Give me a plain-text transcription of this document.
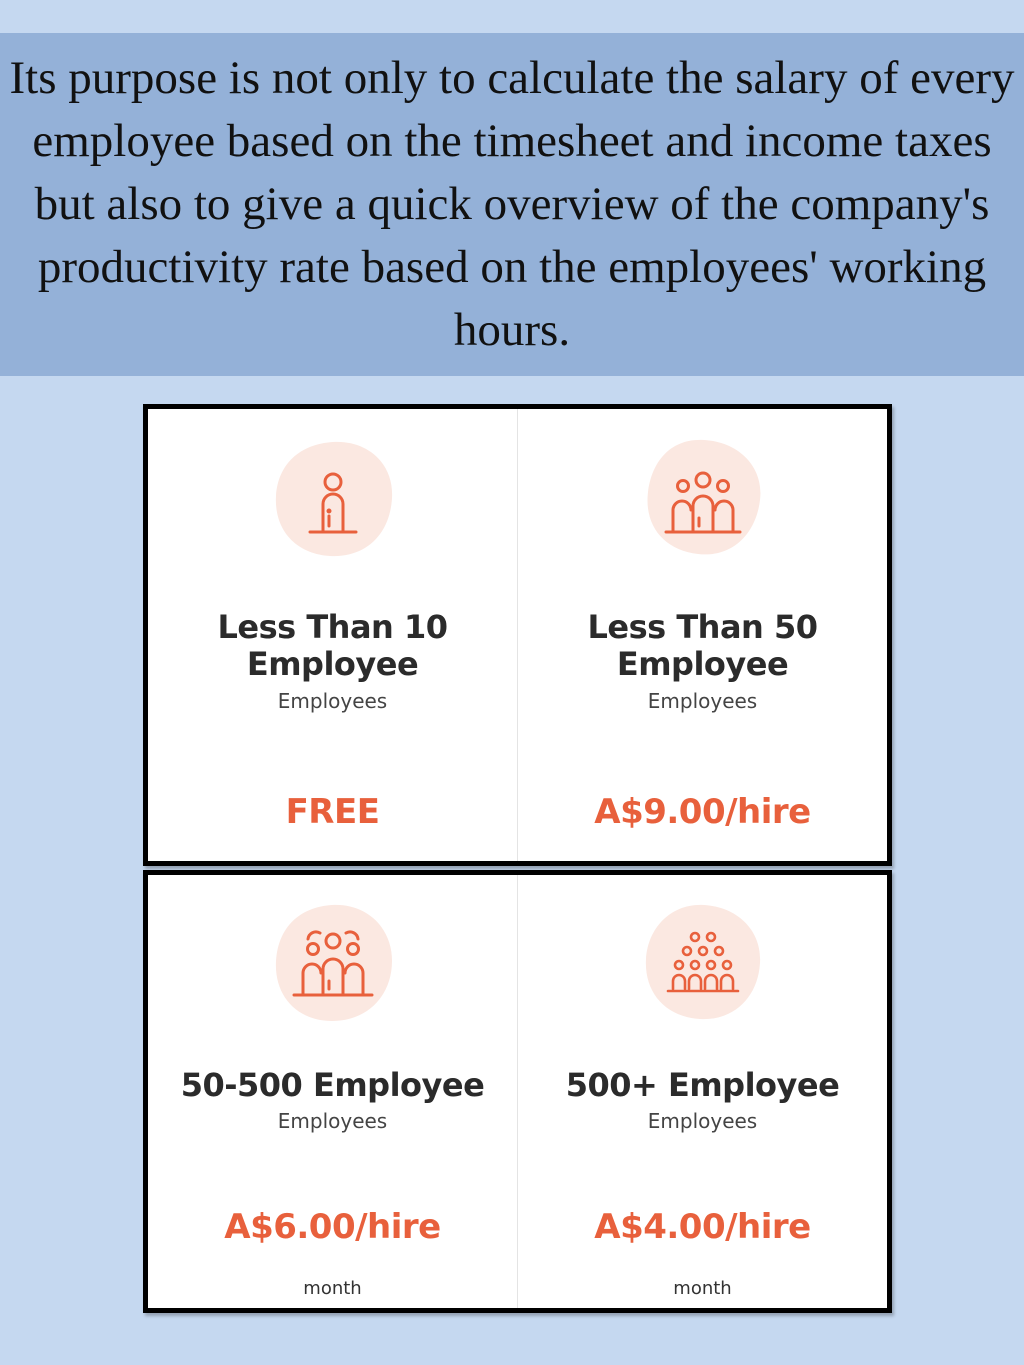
Its purpose is not only to calculate the salary of every employee based on the timesheet and income taxes but also to give a quick overview of the company's productivity rate based on the employees' working hours.

Less Than 10 Employee
Employees
FREE
Less Than 50 Employee
Employees
A$9.00/hire
50-500 Employee
Employees
A$6.00/hire
month
500+ Employee
Employees
A$4.00/hire
month
